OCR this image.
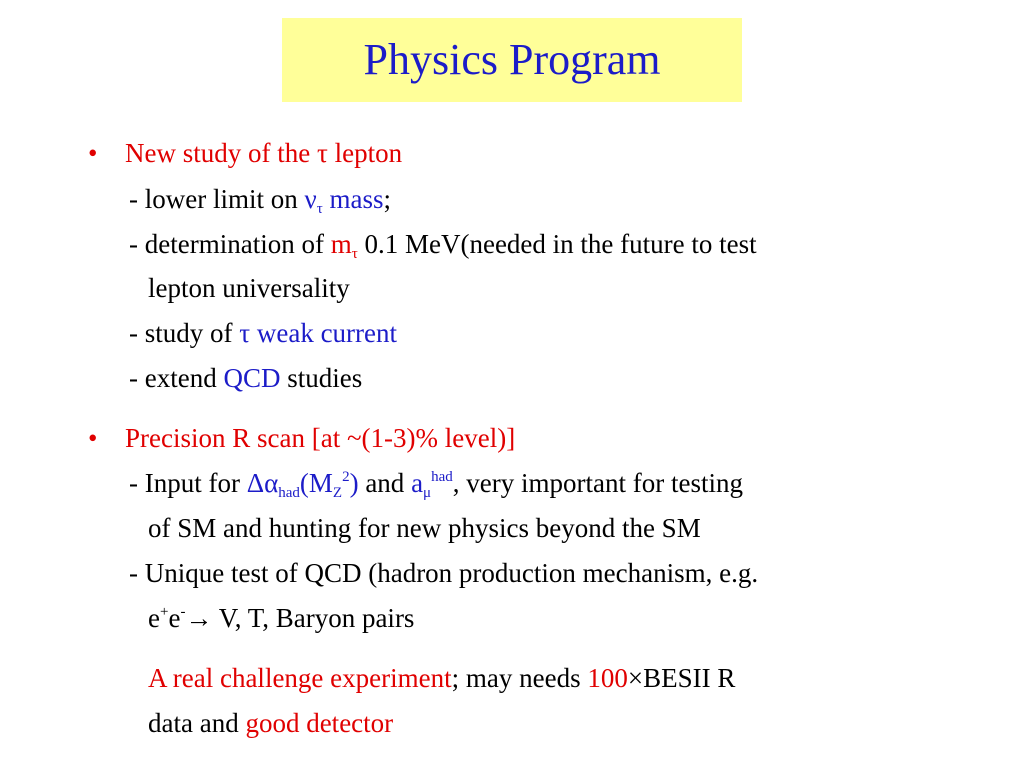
Physics Program
• New study of the τ lepton
- lower limit on $\nu_\tau$ mass;
- determination of $m_\tau$ 0.1 MeV(needed in the future to test
lepton universality
- study of τ weak current
- extend QCD studies
• Precision R scan [at ~(1-3)% level)]
- Input for $\Delta\alpha_{had}(M_Z^2)$ and $a_\mu^{had}$, very important for testing
of SM and hunting for new physics beyond the SM
- Unique test of QCD (hadron production mechanism, e.g.
e+e-→ V, T, Baryon pairs
A real challenge experiment; may needs 100×BESII R
data and good detector
